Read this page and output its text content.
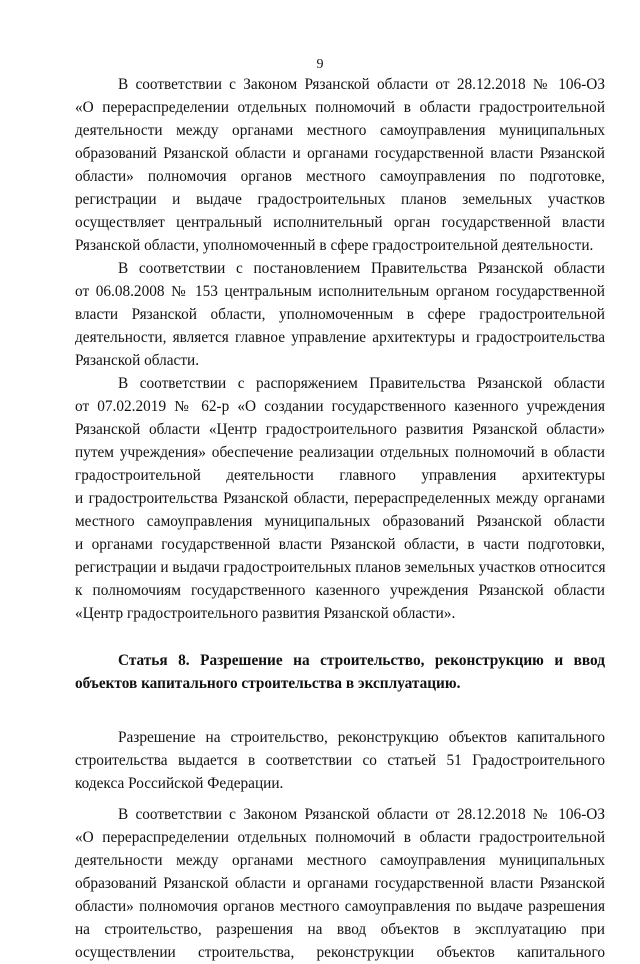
9

В соответствии с Законом Рязанской области от 28.12.2018 № 106-ОЗ

«О перераспределении отдельных полномочий в области градостроительной

деятельности между органами местного самоуправления муниципальных

образований Рязанской области и органами государственной власти Рязанской

области» полномочия органов местного самоуправления по подготовке,

регистрации и выдаче градостроительных планов земельных участков

осуществляет центральный исполнительный орган государственной власти

Рязанской области, уполномоченный в сфере градостроительной деятельности.

В соответствии с постановлением Правительства Рязанской области

от 06.08.2008 № 153 центральным исполнительным органом государственной

власти Рязанской области, уполномоченным в сфере градостроительной

деятельности, является главное управление архитектуры и градостроительства

Рязанской области.

В соответствии с распоряжением Правительства Рязанской области

от 07.02.2019 № 62-р «О создании государственного казенного учреждения

Рязанской области «Центр градостроительного развития Рязанской области»

путем учреждения» обеспечение реализации отдельных полномочий в области

градостроительной деятельности главного управления архитектуры

и градостроительства Рязанской области, перераспределенных между органами

местного самоуправления муниципальных образований Рязанской области

и органами государственной власти Рязанской области, в части подготовки,

регистрации и выдачи градостроительных планов земельных участков относится

к полномочиям государственного казенного учреждения Рязанской области

«Центр градостроительного развития Рязанской области».

Статья 8. Разрешение на строительство, реконструкцию и ввод

объектов капитального строительства в эксплуатацию.

Разрешение на строительство, реконструкцию объектов капитального

строительства выдается в соответствии со статьей 51 Градостроительного

кодекса Российской Федерации.

В соответствии с Законом Рязанской области от 28.12.2018 № 106-ОЗ

«О перераспределении отдельных полномочий в области градостроительной

деятельности между органами местного самоуправления муниципальных

образований Рязанской области и органами государственной власти Рязанской

области» полномочия органов местного самоуправления по выдаче разрешения

на строительство, разрешения на ввод объектов в эксплуатацию при

осуществлении строительства, реконструкции объектов капитального
